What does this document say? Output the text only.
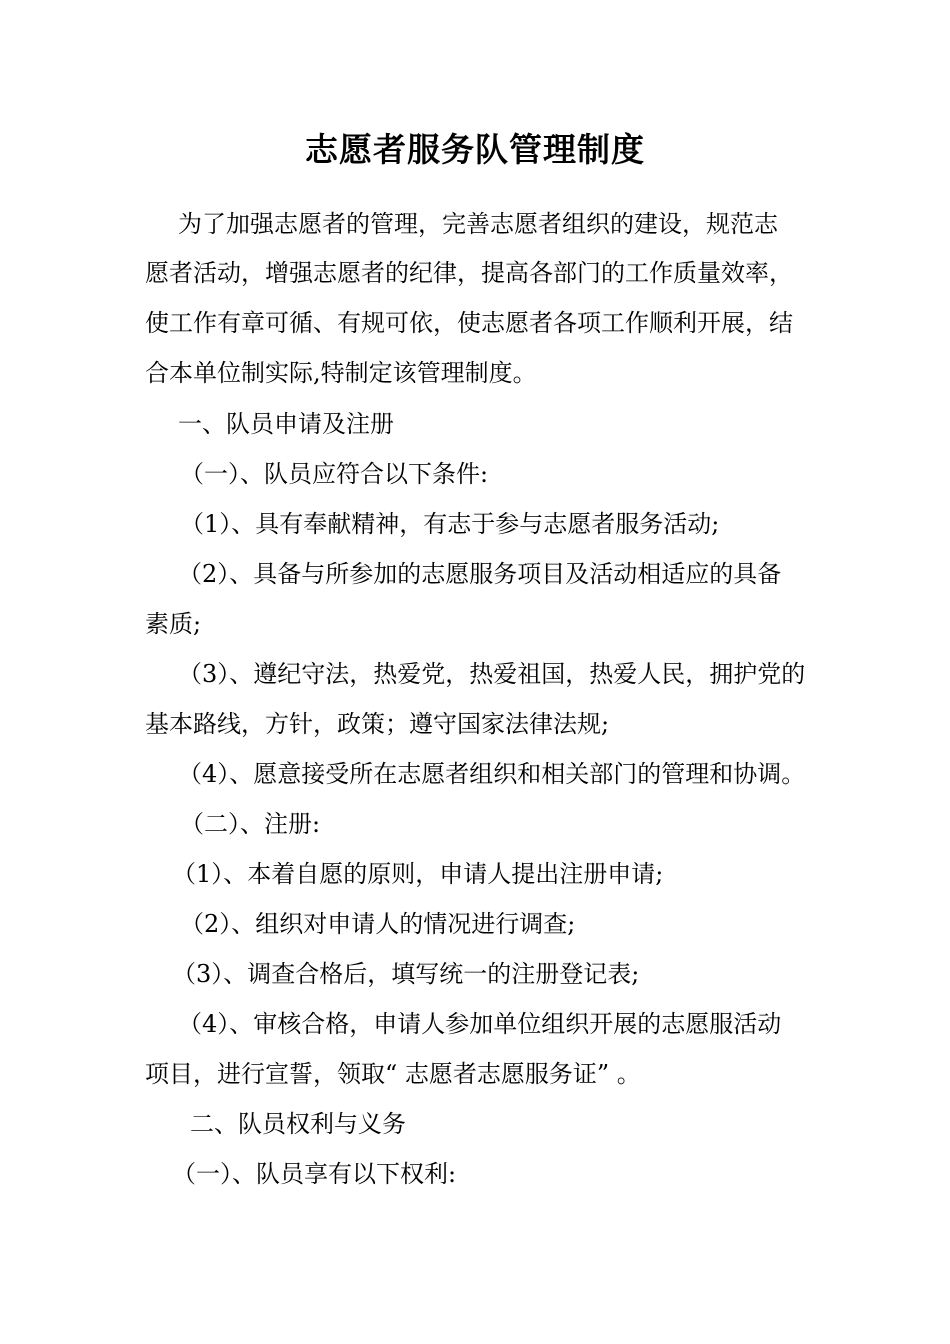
志愿者服务队管理制度
为了加强志愿者的管理，完善志愿者组织的建设，规范志
愿者活动，增强志愿者的纪律，提高各部门的工作质量效率，
使工作有章可循、有规可依，使志愿者各项工作顺利开展，结
合本单位制实际,特制定该管理制度。
一、队员申请及注册
（一）、队员应符合以下条件:
（1）、具有奉献精神，有志于参与志愿者服务活动;
（2）、具备与所参加的志愿服务项目及活动相适应的具备
素质;
（3）、遵纪守法，热爱党，热爱祖国，热爱人民，拥护党的
基本路线，方针，政策；遵守国家法律法规;
（4）、愿意接受所在志愿者组织和相关部门的管理和协调。
（二）、注册:
（1）、本着自愿的原则，申请人提出注册申请;
（2）、组织对申请人的情况进行调查;
（3）、调查合格后，填写统一的注册登记表;
（4）、审核合格，申请人参加单位组织开展的志愿服活动
项目，进行宣誓，领取“ 志愿者志愿服务证” 。
二、队员权利与义务
（一）、队员享有以下权利:
